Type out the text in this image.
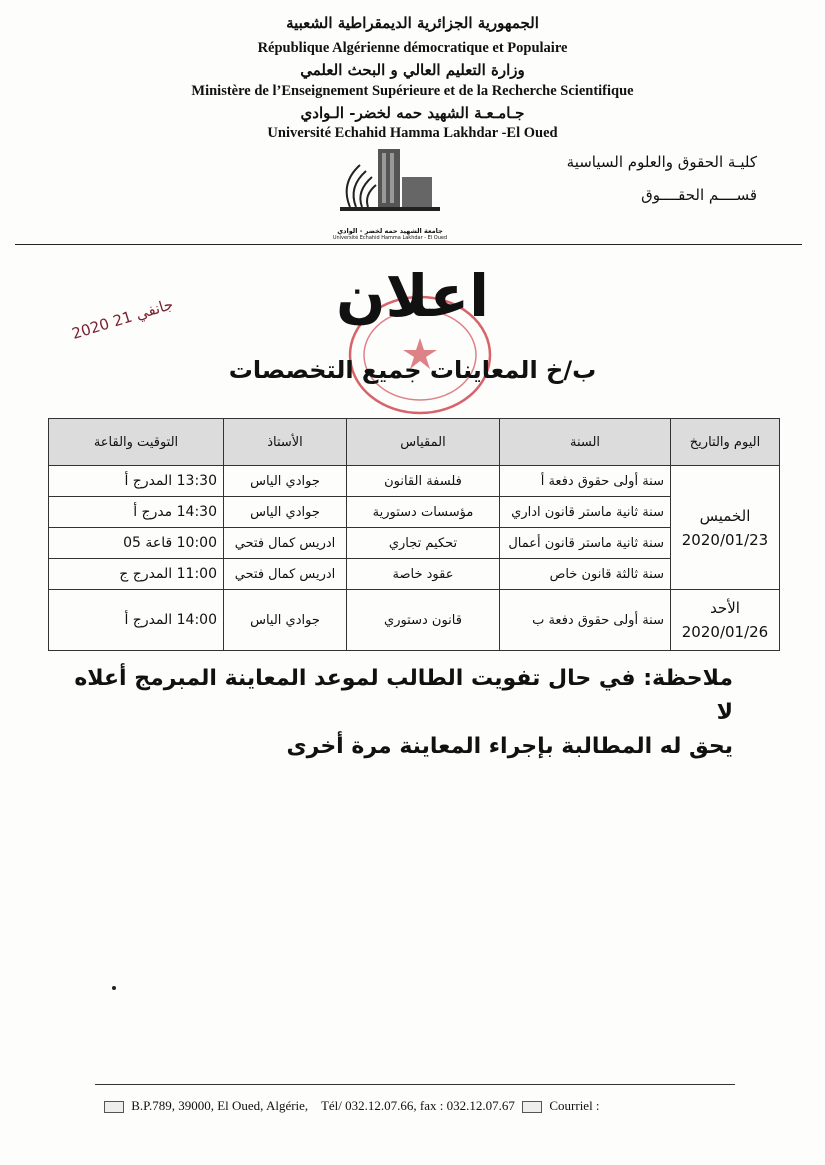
الجمهورية الجزائرية الديمقراطية الشعبية
République Algérienne démocratique et Populaire
وزارة التعليم العالي و البحث العلمي
Ministère de l’Enseignement Supérieure et de la Recherche Scientifique
جـامـعـة الشهيد حمه لخضر- الـوادي
Université Echahid Hamma Lakhdar -El Oued
كليـة الحقوق والعلوم السياسية
قســــم الحقــــوق
جامعة الشهيد حمه لخضر - الوادي
Université Echahid Hamma Lakhdar - El Oued
اعلان
2020 جانفي 21
ب/خ المعاينات جميع التخصصات
اليوم والتاريخ	السنة	المقياس	الأستاذ	التوقيت والقاعة

الخميس
2020/01/23	سنة أولى حقوق دفعة أ	فلسفة القانون	جوادي الياس	13:30 المدرج أ
	سنة ثانية ماستر قانون اداري	مؤسسات دستورية	جوادي الياس	14:30 مدرج أ
	سنة ثانية ماستر قانون أعمال	تحكيم تجاري	ادريس كمال فتحي	10:00 قاعة 05
	سنة ثالثة قانون خاص	عقود خاصة	ادريس كمال فتحي	11:00 المدرج ج

الأحد
2020/01/26	سنة أولى حقوق دفعة ب	قانون دستوري	جوادي الياس	14:00 المدرج أ
ملاحظة: في حال تفويت الطالب لموعد المعاينة المبرمج أعلاه لا
يحق له المطالبة بإجراء المعاينة مرة أخرى
B.P.789, 39000, El Oued, Algérie, Tél/ 032.12.07.66, fax : 032.12.07.67	Courriel :
